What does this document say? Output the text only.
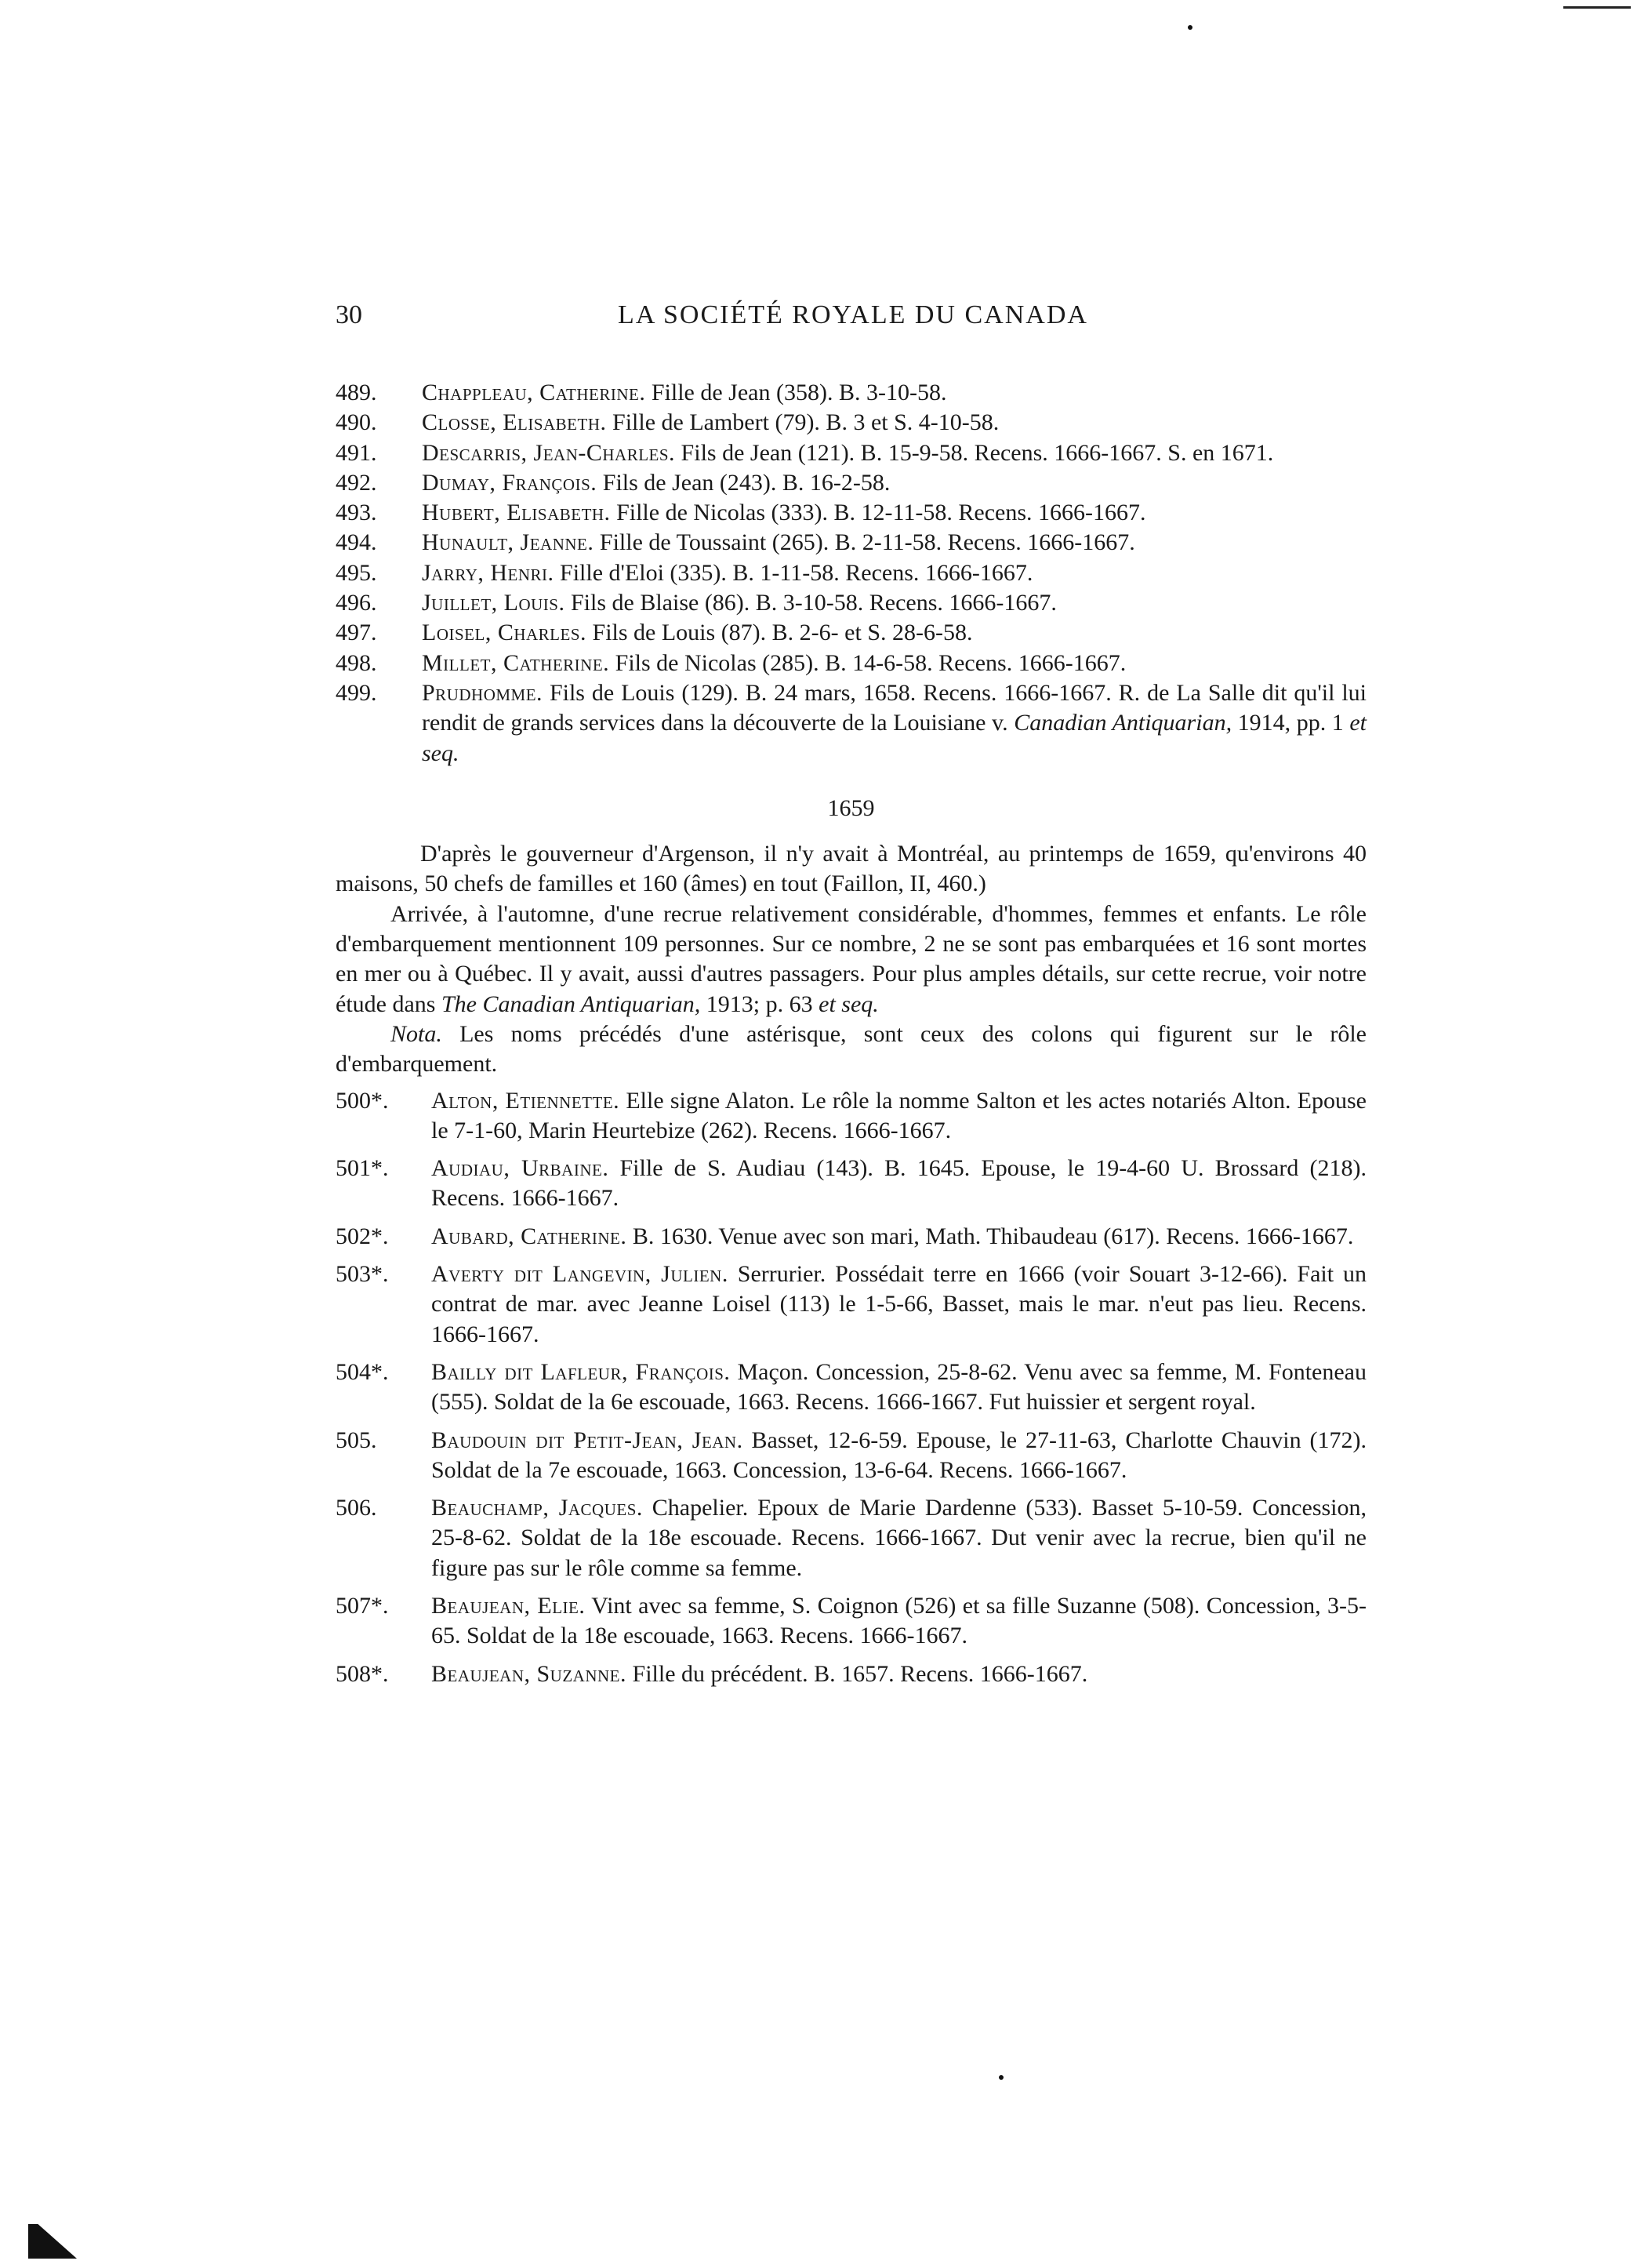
30	LA SOCIÉTÉ ROYALE DU CANADA
489.	Chappleau, Catherine. Fille de Jean (358). B. 3-10-58.
490.	Closse, Elisabeth. Fille de Lambert (79). B. 3 et S. 4-10-58.
491.	Descarris, Jean-Charles. Fils de Jean (121). B. 15-9-58. Recens. 1666-1667. S. en 1671.
492.	Dumay, François. Fils de Jean (243). B. 16-2-58.
493.	Hubert, Elisabeth. Fille de Nicolas (333). B. 12-11-58. Recens. 1666-1667.
494.	Hunault, Jeanne. Fille de Toussaint (265). B. 2-11-58. Recens. 1666-1667.
495.	Jarry, Henri. Fille d'Eloi (335). B. 1-11-58. Recens. 1666-1667.
496.	Juillet, Louis. Fils de Blaise (86). B. 3-10-58. Recens. 1666-1667.
497.	Loisel, Charles. Fils de Louis (87). B. 2-6- et S. 28-6-58.
498.	Millet, Catherine. Fils de Nicolas (285). B. 14-6-58. Recens. 1666-1667.
499.	Prudhomme. Fils de Louis (129). B. 24 mars, 1658. Recens. 1666-1667. R. de La Salle dit qu'il lui rendit de grands services dans la découverte de la Louisiane v. Canadian Antiquarian, 1914, pp. 1 et seq.
1659
D'après le gouverneur d'Argenson, il n'y avait à Montréal, au printemps de 1659, qu'environs 40 maisons, 50 chefs de familles et 160 (âmes) en tout (Faillon, II, 460.)
Arrivée, à l'automne, d'une recrue relativement considérable, d'hommes, femmes et enfants. Le rôle d'embarquement mentionnent 109 personnes. Sur ce nombre, 2 ne se sont pas embarquées et 16 sont mortes en mer ou à Québec. Il y avait, aussi d'autres passagers. Pour plus amples détails, sur cette recrue, voir notre étude dans The Canadian Antiquarian, 1913; p. 63 et seq.
Nota. Les noms précédés d'une astérisque, sont ceux des colons qui figurent sur le rôle d'embarquement.
500*.	Alton, Etiennette. Elle signe Alaton. Le rôle la nomme Salton et les actes notariés Alton. Epouse le 7-1-60, Marin Heurtebize (262). Recens. 1666-1667.
501*.	Audiau, Urbaine. Fille de S. Audiau (143). B. 1645. Epouse, le 19-4-60 U. Brossard (218). Recens. 1666-1667.
502*.	Aubard, Catherine. B. 1630. Venue avec son mari, Math. Thibaudeau (617). Recens. 1666-1667.
503*.	Averty dit Langevin, Julien. Serrurier. Possédait terre en 1666 (voir Souart 3-12-66). Fait un contrat de mar. avec Jeanne Loisel (113) le 1-5-66, Basset, mais le mar. n'eut pas lieu. Recens. 1666-1667.
504*.	Bailly dit Lafleur, François. Maçon. Concession, 25-8-62. Venu avec sa femme, M. Fonteneau (555). Soldat de la 6e escouade, 1663. Recens. 1666-1667. Fut huissier et sergent royal.
505.	Baudouin dit Petit-Jean, Jean. Basset, 12-6-59. Epouse, le 27-11-63, Charlotte Chauvin (172). Soldat de la 7e escouade, 1663. Concession, 13-6-64. Recens. 1666-1667.
506.	Beauchamp, Jacques. Chapelier. Epoux de Marie Dardenne (533). Basset 5-10-59. Concession, 25-8-62. Soldat de la 18e escouade. Recens. 1666-1667. Dut venir avec la recrue, bien qu'il ne figure pas sur le rôle comme sa femme.
507*.	Beaujean, Elie. Vint avec sa femme, S. Coignon (526) et sa fille Suzanne (508). Concession, 3-5-65. Soldat de la 18e escouade, 1663. Recens. 1666-1667.
508*.	Beaujean, Suzanne. Fille du précédent. B. 1657. Recens. 1666-1667.
